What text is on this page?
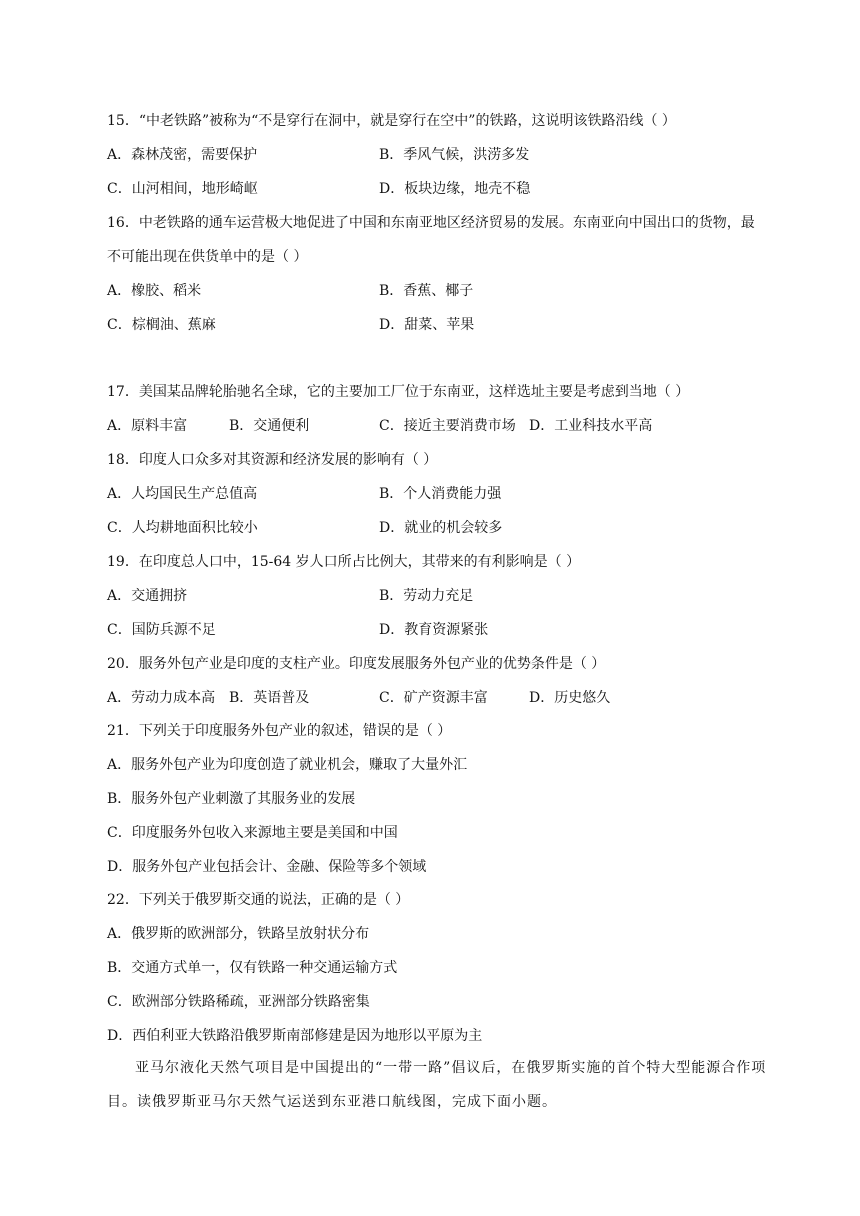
15．“中老铁路”被称为“不是穿行在洞中，就是穿行在空中”的铁路，这说明该铁路沿线（ ）
A．森林茂密，需要保护	B．季风气候，洪涝多发
C．山河相间，地形崎岖	D．板块边缘，地壳不稳
16．中老铁路的通车运营极大地促进了中国和东南亚地区经济贸易的发展。东南亚向中国出口的货物，最
不可能出现在供货单中的是（ ）
A．橡胶、稻米	B．香蕉、椰子
C．棕榈油、蕉麻	D．甜菜、苹果
17．美国某品牌轮胎驰名全球，它的主要加工厂位于东南亚，这样选址主要是考虑到当地（ ）
A．原料丰富	B．交通便利	C．接近主要消费市场 D．工业科技水平高
18．印度人口众多对其资源和经济发展的影响有（ ）
A．人均国民生产总值高	B．个人消费能力强
C．人均耕地面积比较小	D．就业的机会较多
19．在印度总人口中，15-64 岁人口所占比例大，其带来的有利影响是（ ）
A．交通拥挤	B．劳动力充足
C．国防兵源不足	D．教育资源紧张
20．服务外包产业是印度的支柱产业。印度发展服务外包产业的优势条件是（ ）
A．劳动力成本高 B．英语普及	C．矿产资源丰富	D．历史悠久
21．下列关于印度服务外包产业的叙述，错误的是（ ）
A．服务外包产业为印度创造了就业机会，赚取了大量外汇
B．服务外包产业刺激了其服务业的发展
C．印度服务外包收入来源地主要是美国和中国
D．服务外包产业包括会计、金融、保险等多个领域
22．下列关于俄罗斯交通的说法，正确的是（ ）
A．俄罗斯的欧洲部分，铁路呈放射状分布
B．交通方式单一，仅有铁路一种交通运输方式
C．欧洲部分铁路稀疏，亚洲部分铁路密集
D．西伯利亚大铁路沿俄罗斯南部修建是因为地形以平原为主
亚马尔液化天然气项目是中国提出的“一带一路”倡议后，在俄罗斯实施的首个特大型能源合作项目。读俄罗斯亚马尔天然气运送到东亚港口航线图，完成下面小题。
